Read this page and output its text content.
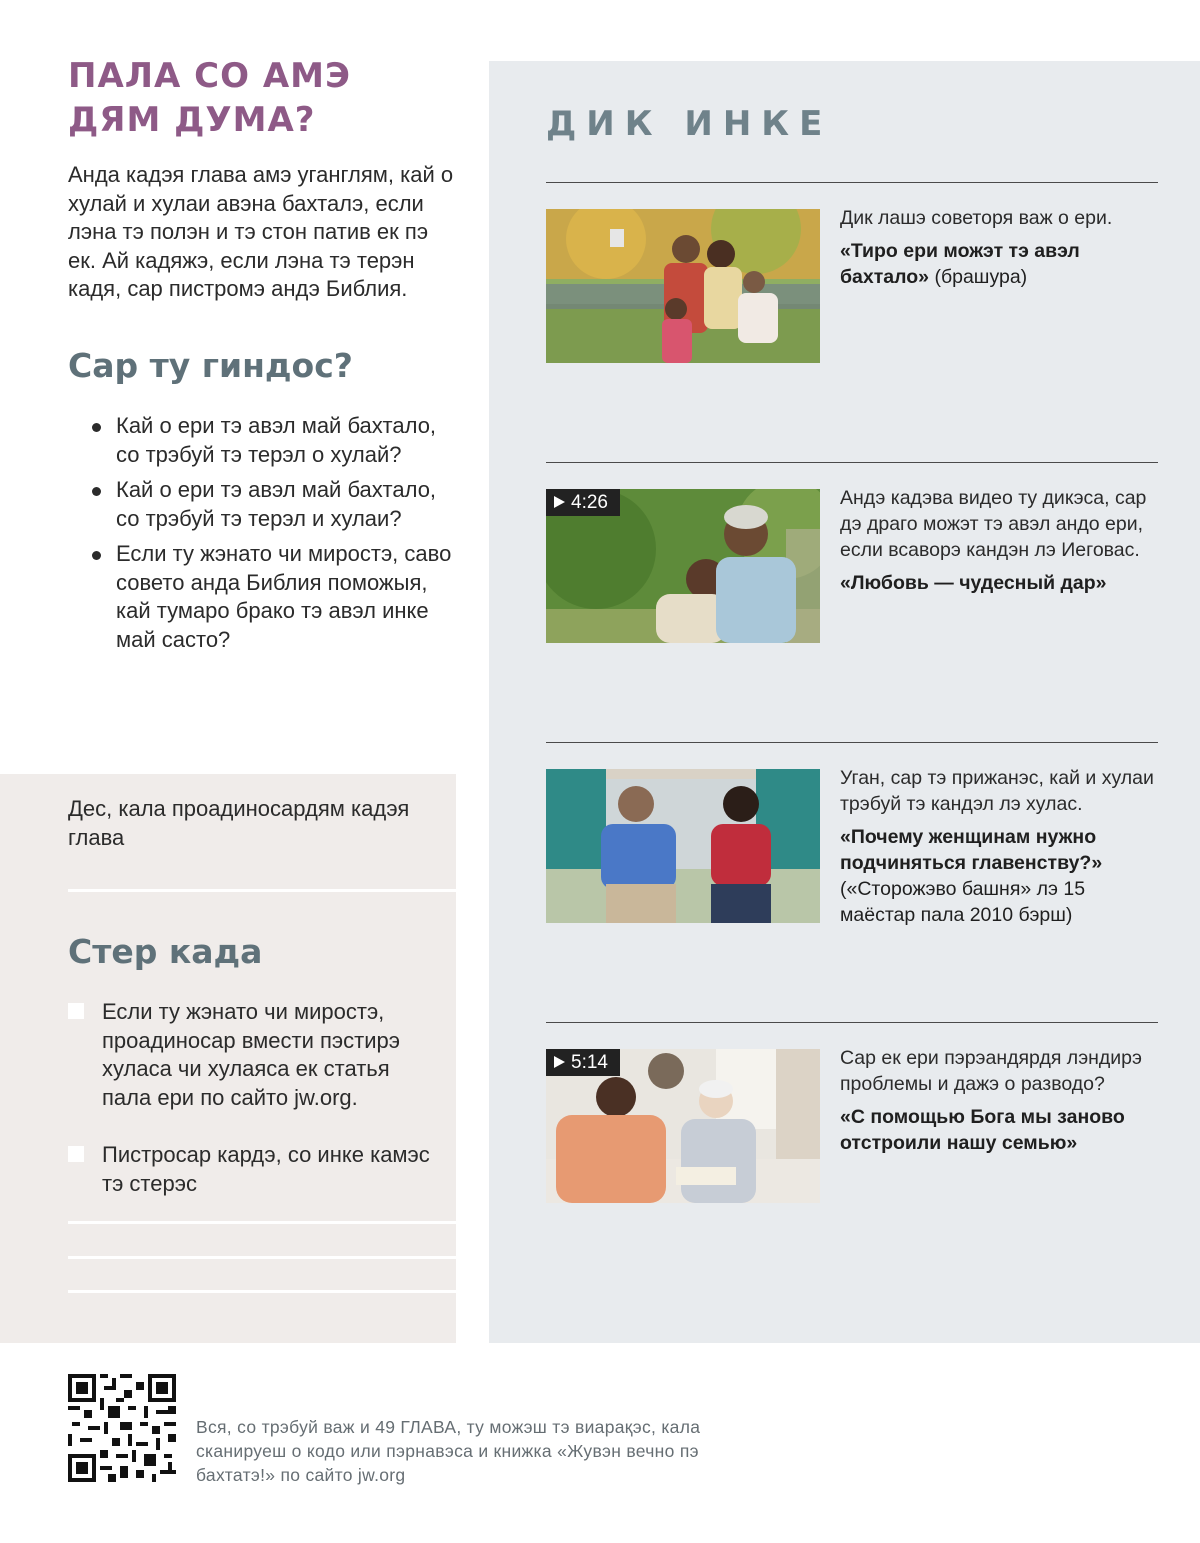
ПАЛА СО АМЭ
ДЯМ ДУМА?

Анда кадэя глава амэ уганглям, кай о хулай и хулаи авэна бахталэ, если лэна тэ полэн и тэ стон патив ек пэ ек. Ай кадяжэ, если лэна тэ терэн кадя, сар пистромэ андэ Библия.

Сар ту гиндос?
Кай о ери тэ авэл май бахтало, со трэбуй тэ терэл о хулай?
Кай о ери тэ авэл май бахтало, со трэбуй тэ терэл и хулаи?
Если ту жэнато чи миростэ, саво совето анда Библия поможыя, кай тумаро брако тэ авэл инке май састо?

Дес, кала проадиносардям кадэя глава

Стер када
Если ту жэнато чи миростэ, проадиносар вмести пэстирэ хуласа чи хулаяса ек статья пала ери по сайто jw.org.
Пистросар кардэ, со инке камэс тэ стерэс
ДИК ИНКЕ

Дик лашэ советоря важ о ери.

«Тиро ери можэт тэ авэл бахтало» (брашура)

4:26	Андэ кадэва видео ту дикэса, сар дэ драго можэт тэ авэл андо ери, если всаворэ кандэн лэ Иеговас.

«Любовь — чудесный дар»

Уган, сар тэ прижанэс, кай и хулаи трэбуй тэ кандэл лэ хулас.

«Почему женщинам нужно подчиняться главенству?»
(«Сторожэво башня» лэ 15 маёстар пала 2010 бэрш)

5:14	Сар ек ери пэрэандярдя лэндирэ проблемы и дажэ о разводо?

«С помощью Бога мы заново отстроили нашу семью»

Вся, со трэбуй важ и 49 ГЛАВА, ту можэш тэ виарақэс, кала сканируеш о кодо или пэрнавэса и книжка «Жувэн вечно пэ бахтатэ!» по сайто jw.org
